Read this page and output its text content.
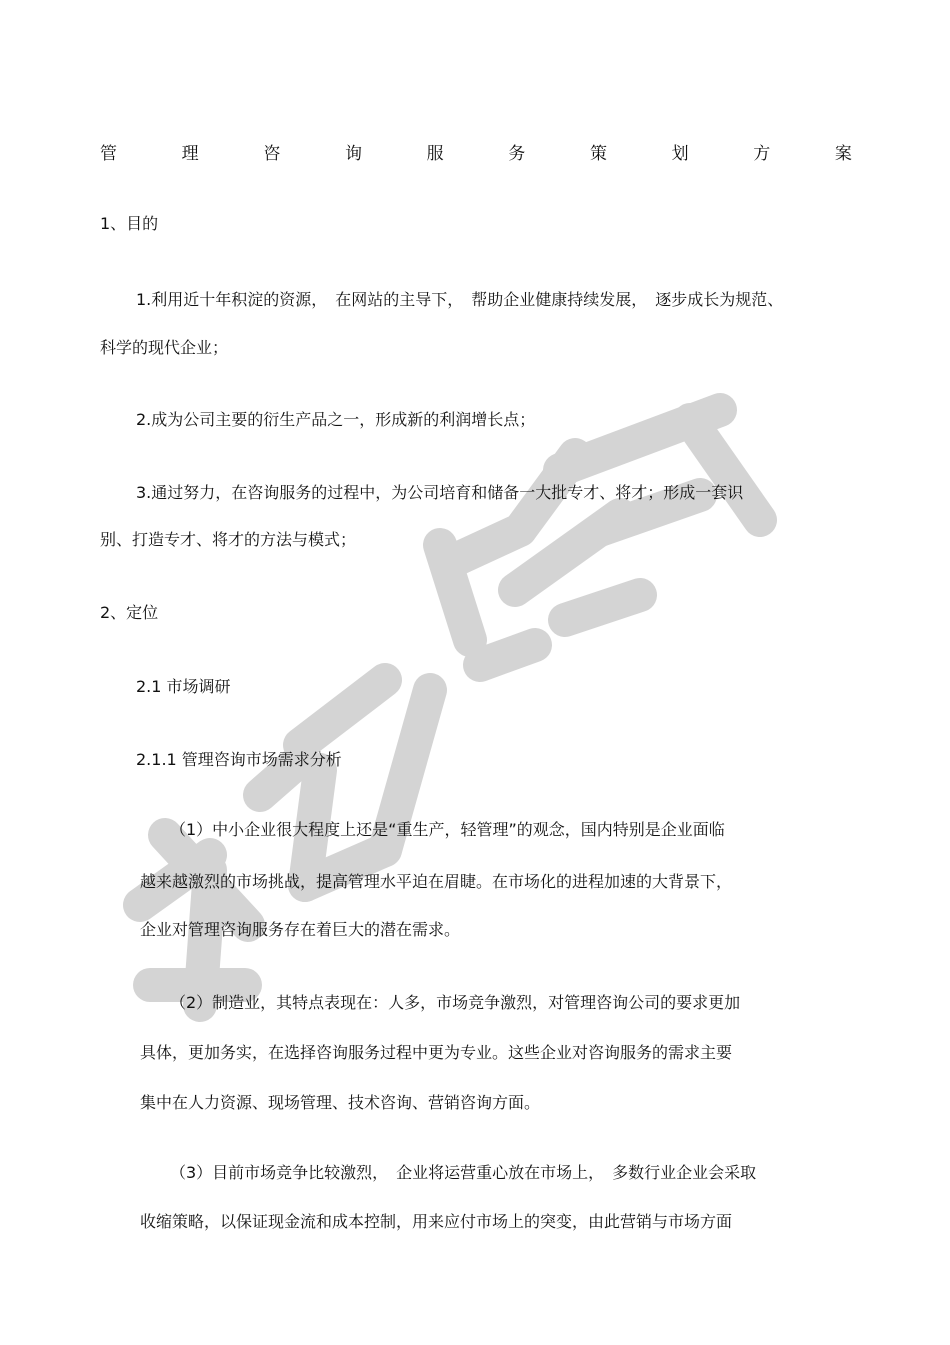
管	理	咨	询	服	务	策	划	方	案
1、目的
1.利用近十年积淀的资源，　在网站的主导下，　帮助企业健康持续发展，　逐步成长为规范、
科学的现代企业；
2.成为公司主要的衍生产品之一，形成新的利润增长点；
3.通过努力，在咨询服务的过程中，为公司培育和储备一大批专才、将才；形成一套识
别、打造专才、将才的方法与模式；
2、定位
2.1 市场调研
2.1.1 管理咨询市场需求分析
（1）中小企业很大程度上还是“重生产，轻管理”的观念，国内特别是企业面临
越来越激烈的市场挑战，提高管理水平迫在眉睫。在市场化的进程加速的大背景下，
企业对管理咨询服务存在着巨大的潜在需求。
（2）制造业，其特点表现在：人多，市场竞争激烈，对管理咨询公司的要求更加
具体，更加务实，在选择咨询服务过程中更为专业。这些企业对咨询服务的需求主要
集中在人力资源、现场管理、技术咨询、营销咨询方面。
（3）目前市场竞争比较激烈，　企业将运营重心放在市场上，　多数行业企业会采取
收缩策略，以保证现金流和成本控制，用来应付市场上的突变，由此营销与市场方面
